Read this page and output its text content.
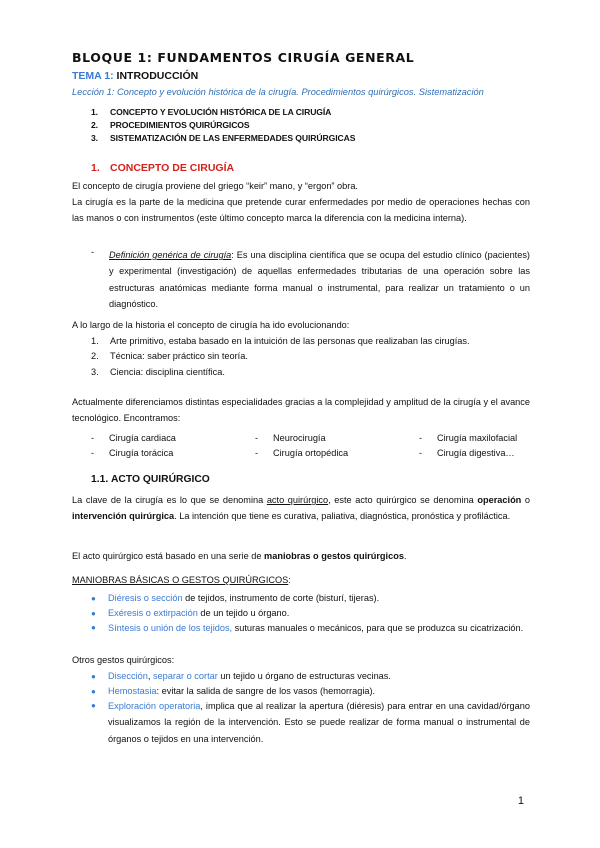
BLOQUE 1: FUNDAMENTOS CIRUGÍA GENERAL
TEMA 1: INTRODUCCIÓN
Lección 1: Concepto y evolución histórica de la cirugía. Procedimientos quirúrgicos. Sistematización
1. CONCEPTO Y EVOLUCIÓN HISTÓRICA DE LA CIRUGÍA
2. PROCEDIMIENTOS QUIRÚRGICOS
3. SISTEMATIZACIÓN DE LAS ENFERMEDADES QUIRÚRGICAS
1. CONCEPTO DE CIRUGÍA
El concepto de cirugía proviene del griego “keir” mano, y “ergon” obra.
La cirugía es la parte de la medicina que pretende curar enfermedades por medio de operaciones hechas con las manos o con instrumentos (este último concepto marca la diferencia con la medicina interna).
-	Definición genérica de cirugía: Es una disciplina científica que se ocupa del estudio clínico (pacientes) y experimental (investigación) de aquellas enfermedades tributarias de una operación sobre las estructuras anatómicas mediante forma manual o instrumental, para realizar un tratamiento o un diagnóstico.
A lo largo de la historia el concepto de cirugía ha ido evolucionando:
1. Arte primitivo, estaba basado en la intuición de las personas que realizaban las cirugías.
2. Técnica: saber práctico sin teoría.
3. Ciencia: disciplina científica.
Actualmente diferenciamos distintas especialidades gracias a la complejidad y amplitud de la cirugía y el avance tecnológico. Encontramos:
- Cirugía cardiaca	- Neurocirugía	- Cirugía maxilofacial
- Cirugía torácica	- Cirugía ortopédica	- Cirugía digestiva…
1.1. ACTO QUIRÚRGICO
La clave de la cirugía es lo que se denomina acto quirúrgico, este acto quirúrgico se denomina operación o intervención quirúrgica. La intención que tiene es curativa, paliativa, diagnóstica, pronóstica y profiláctica.
El acto quirúrgico está basado en una serie de maniobras o gestos quirúrgicos.
MANIOBRAS BÁSICAS O GESTOS QUIRÚRGICOS:
● Diéresis o sección de tejidos, instrumento de corte (bisturí, tijeras).
● Exéresis o extirpación de un tejido u órgano.
●	Síntesis o unión de los tejidos, suturas manuales o mecánicos, para que se produzca su cicatrización.
Otros gestos quirúrgicos:
● Disección, separar o cortar un tejido u órgano de estructuras vecinas.
● Hemostasia: evitar la salida de sangre de los vasos (hemorragia).
●	Exploración operatoria, implica que al realizar la apertura (diéresis) para entrar en una cavidad/órgano visualizamos la región de la intervención. Esto se puede realizar de forma manual o instrumental de órganos o tejidos en una intervención.
1
